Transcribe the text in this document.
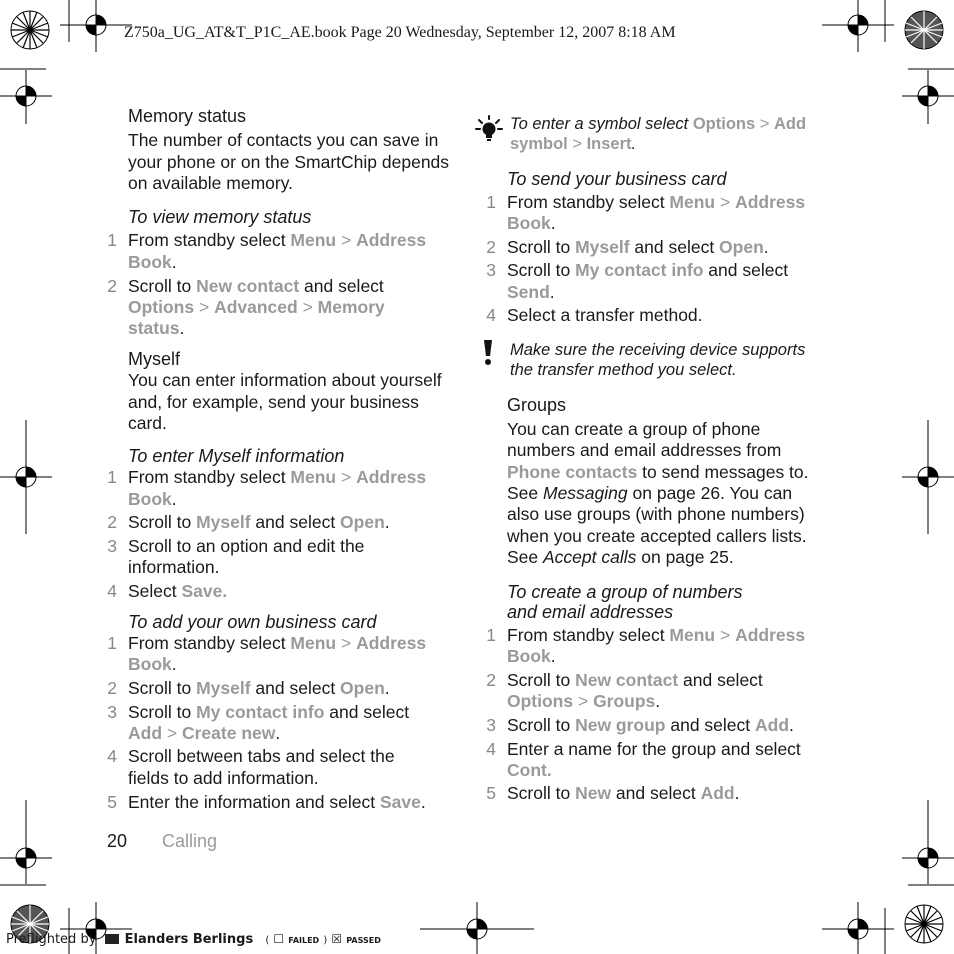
Z750a_UG_AT&T_P1C_AE.book Page 20 Wednesday, September 12, 2007 8:18 AM
Memory status
The number of contacts you can save in your phone or on the SmartChip depends on available memory.
To view memory status
1 From standby select Menu > Address
Book.
2 Scroll to New contact and select
Options > Advanced > Memory
status.
Myself
You can enter information about yourself and, for example, send your business card.
To enter Myself information
1 From standby select Menu > Address
Book.
2 Scroll to Myself and select Open.
3 Scroll to an option and edit the
information.
4 Select Save.
To add your own business card
1 From standby select Menu > Address
Book.
2 Scroll to Myself and select Open.
3 Scroll to My contact info and select
Add > Create new.
4 Scroll between tabs and select the
fields to add information.
5 Enter the information and select Save.
To enter a symbol select Options > Add
symbol > Insert.
To send your business card
1 From standby select Menu > Address
Book.
2 Scroll to Myself and select Open.
3 Scroll to My contact info and select
Send.
4 Select a transfer method.
Make sure the receiving device supports
the transfer method you select.
Groups
You can create a group of phone
numbers and email addresses from
Phone contacts to send messages to.
See Messaging on page 26. You can
also use groups (with phone numbers)
when you create accepted callers lists.
See Accept calls on page 25.
To create a group of numbers
and email addresses
1 From standby select Menu > Address
Book.
2 Scroll to New contact and select
Options > Groups.
3 Scroll to New group and select Add.
4 Enter a name for the group and select
Cont.
5 Scroll to New and select Add.
20 Calling
Preflighted by Elanders Berlings ( ☐ FAILED ) ☒ PASSED
